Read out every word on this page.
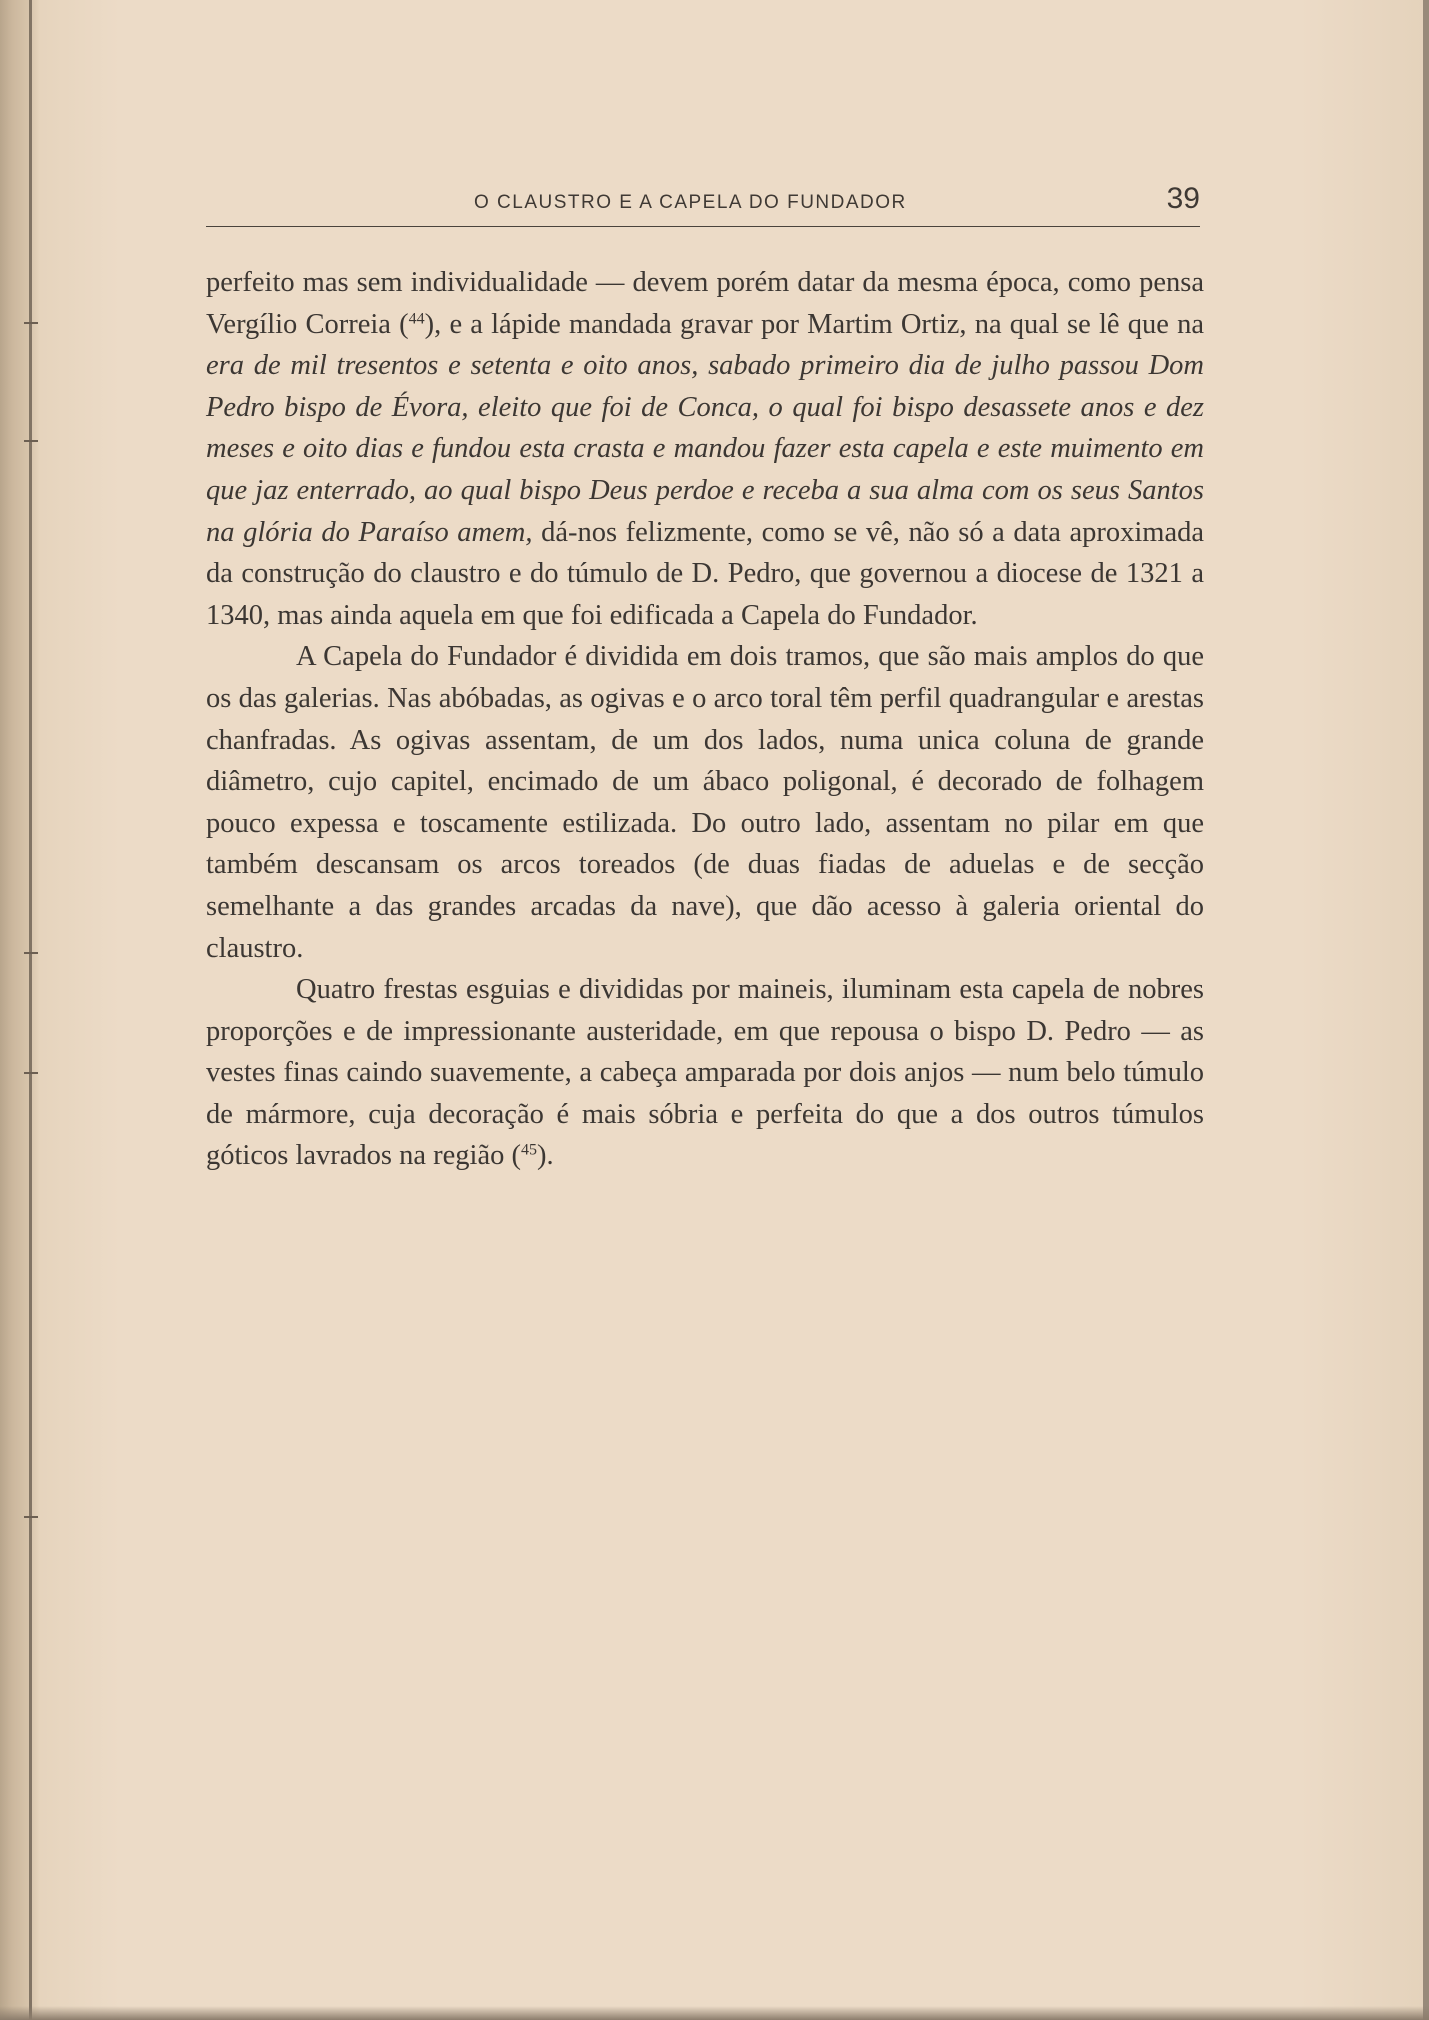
O CLAUSTRO E A CAPELA DO FUNDADOR	39

perfeito mas sem individualidade — devem porém datar da mesma época, como pensa Vergílio Correia ($^{44}$), e a lápide mandada gravar por Martim Ortiz, na qual se lê que na era de mil tresentos e setenta e oito anos, sabado primeiro dia de julho passou Dom Pedro bispo de Évora, eleito que foi de Conca, o qual foi bispo desassete anos e dez meses e oito dias e fundou esta crasta e mandou fazer esta capela e este muimento em que jaz enterrado, ao qual bispo Deus perdoe e receba a sua alma com os seus Santos na glória do Paraíso amem, dá-nos felizmente, como se vê, não só a data aproximada da construção do claustro e do túmulo de D. Pedro, que governou a diocese de 1321 a 1340, mas ainda aquela em que foi edificada a Capela do Fundador.

A Capela do Fundador é dividida em dois tramos, que são mais amplos do que os das galerias. Nas abóbadas, as ogivas e o arco toral têm perfil quadrangular e arestas chanfradas. As ogivas assentam, de um dos lados, numa unica coluna de grande diâmetro, cujo capitel, encimado de um ábaco poligonal, é decorado de folhagem pouco expessa e toscamente estilizada. Do outro lado, assentam no pilar em que também descansam os arcos toreados (de duas fiadas de aduelas e de secção semelhante a das grandes arcadas da nave), que dão acesso à galeria oriental do claustro.

Quatro frestas esguias e divididas por maineis, iluminam esta capela de nobres proporções e de impressionante austeridade, em que repousa o bispo D. Pedro — as vestes finas caindo suavemente, a cabeça amparada por dois anjos — num belo túmulo de mármore, cuja decoração é mais sóbria e perfeita do que a dos outros túmulos góticos lavrados na região ($^{45}$).
